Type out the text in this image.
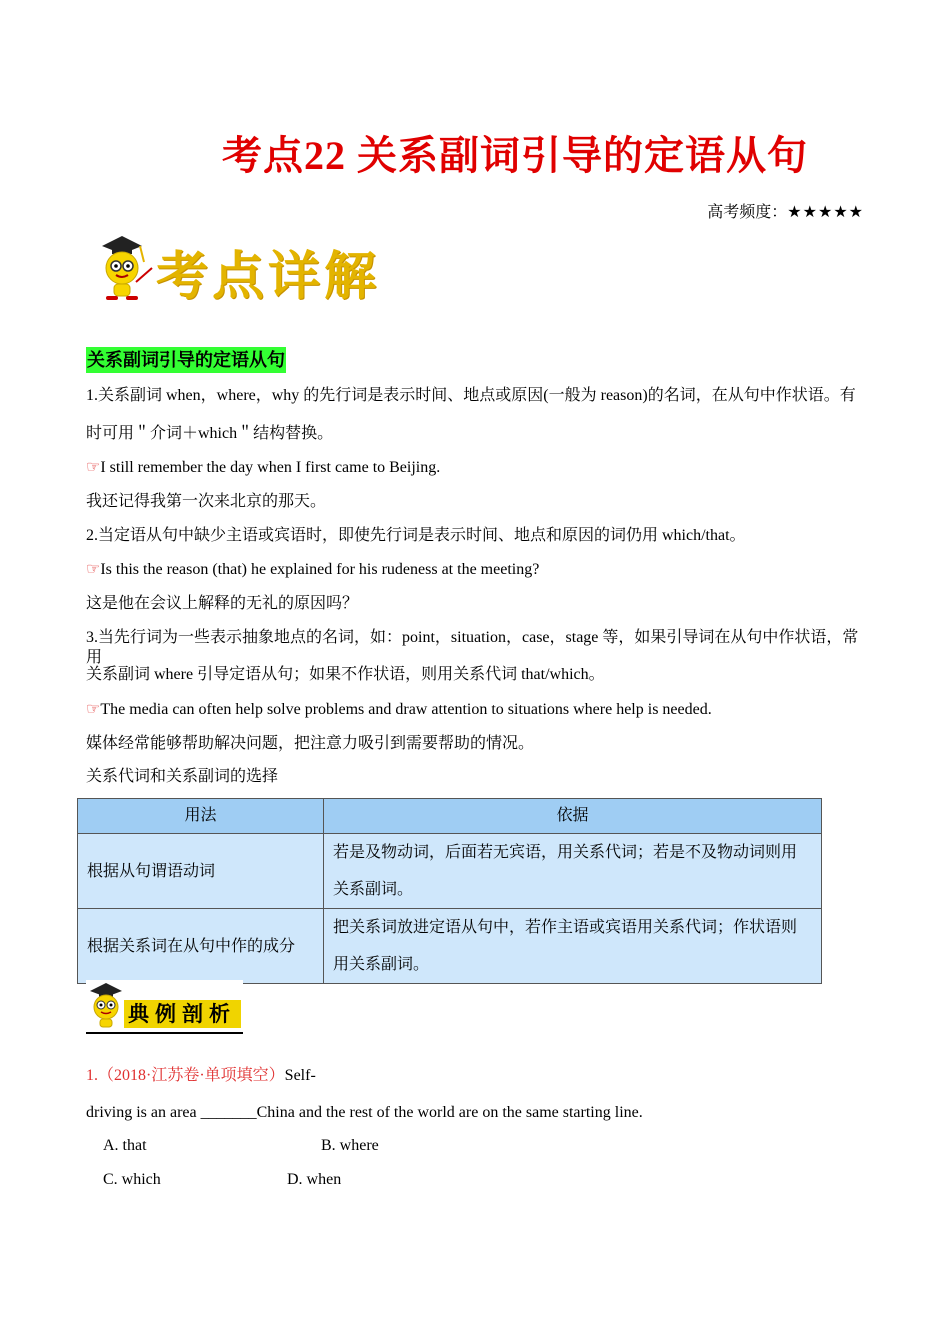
考点22 关系副词引导的定语从句
高考频度：★★★★★
考点详解
关系副词引导的定语从句
1.关系副词 when，where，why 的先行词是表示时间、地点或原因(一般为 reason)的名词，在从句中作状语。有
时可用＂介词＋which＂结构替换。
☞I still remember the day when I first came to Beijing.
我还记得我第一次来北京的那天。
2.当定语从句中缺少主语或宾语时，即使先行词是表示时间、地点和原因的词仍用 which/that。
☞Is this the reason (that) he explained for his rudeness at the meeting?
这是他在会议上解释的无礼的原因吗？
3.当先行词为一些表示抽象地点的名词，如：point，situation，case，stage 等，如果引导词在从句中作状语，常用
关系副词 where 引导定语从句；如果不作状语，则用关系代词 that/which。
☞The media can often help solve problems and draw attention to situations where help is needed.
媒体经常能够帮助解决问题，把注意力吸引到需要帮助的情况。
关系代词和关系副词的选择
用法	依据
根据从句谓语动词	若是及物动词，后面若无宾语，用关系代词；若是不及物动词则用
关系副词。

根据关系词在从句中作的成分	把关系词放进定语从句中，若作主语或宾语用关系代词；作状语则
用关系副词。
典例剖析
1.（2018·江苏卷·单项填空）Self-
driving is an area _______China and the rest of the world are on the same starting line.
A. that	B. where
C. which	D. when
